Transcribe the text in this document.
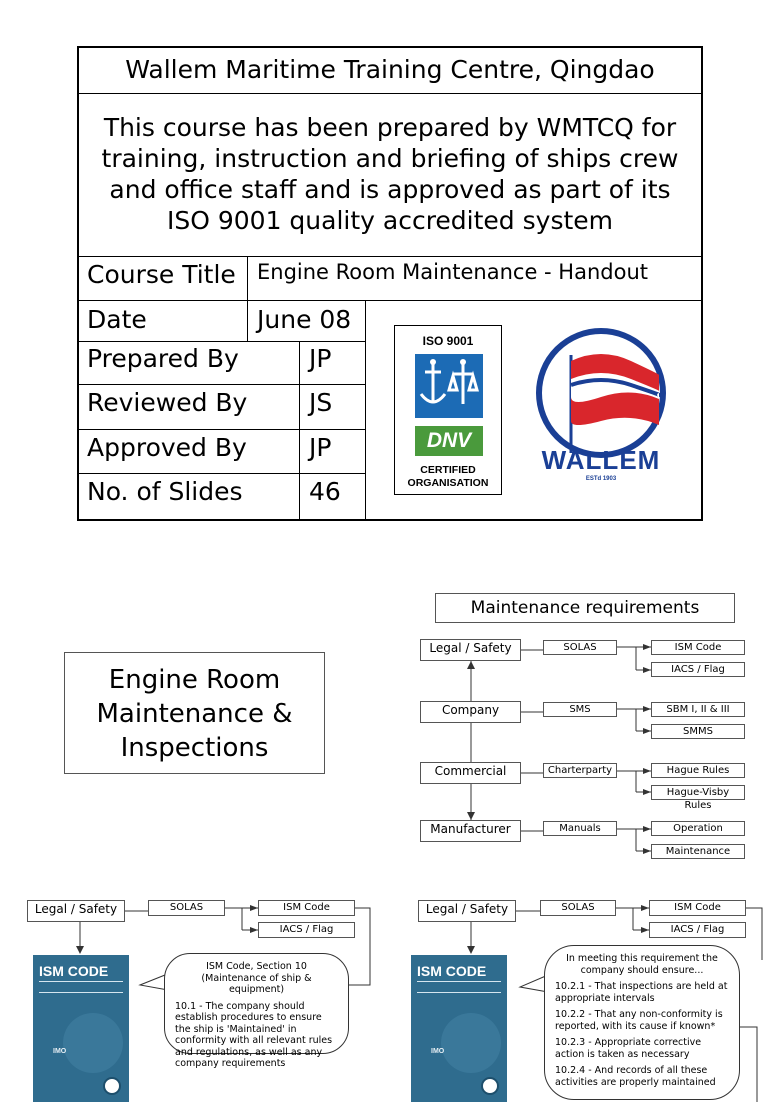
Wallem Maritime Training Centre, Qingdao
This course has been prepared by WMTCQ for
training, instruction and briefing of ships crew
and office staff and is approved as part of its
ISO 9001 quality accredited system
Course Title Engine Room Maintenance - Handout
Date	June 08
Prepared By	JP
Reviewed By JS
Approved By JP
No. of Slides	46
ISO 9001
DNV
CERTIFIED
ORGANISATION
WALLEM
ESTd 1903
Engine Room
Maintenance &
Inspections
Maintenance requirements
Legal / Safety	SOLAS	ISM Code
IACS / Flag
Company	SMS	SBM I, II & III
SMMS
Commercial	Charterparty	Hague Rules
Hague-Visby Rules
Manufacturer	Manuals	Operation
Maintenance
Legal / Safety	SOLAS	ISM Code
IACS / Flag
ISM CODE
IMO

ISM Code, Section 10 (Maintenance of ship & equipment)

10.1 - The company should establish procedures to ensure the ship is 'Maintained' in conformity with all relevant rules and regulations, as well as any company requirements

Legal / Safety	SOLAS	ISM Code
IACS / Flag
ISM CODE
IMO

In meeting this requirement the company should ensure...

10.2.1 - That inspections are held at appropriate intervals

10.2.2 - That any non-conformity is reported, with its cause if known*

10.2.3 - Appropriate corrective action is taken as necessary

10.2.4 - And records of all these activities are properly maintained
